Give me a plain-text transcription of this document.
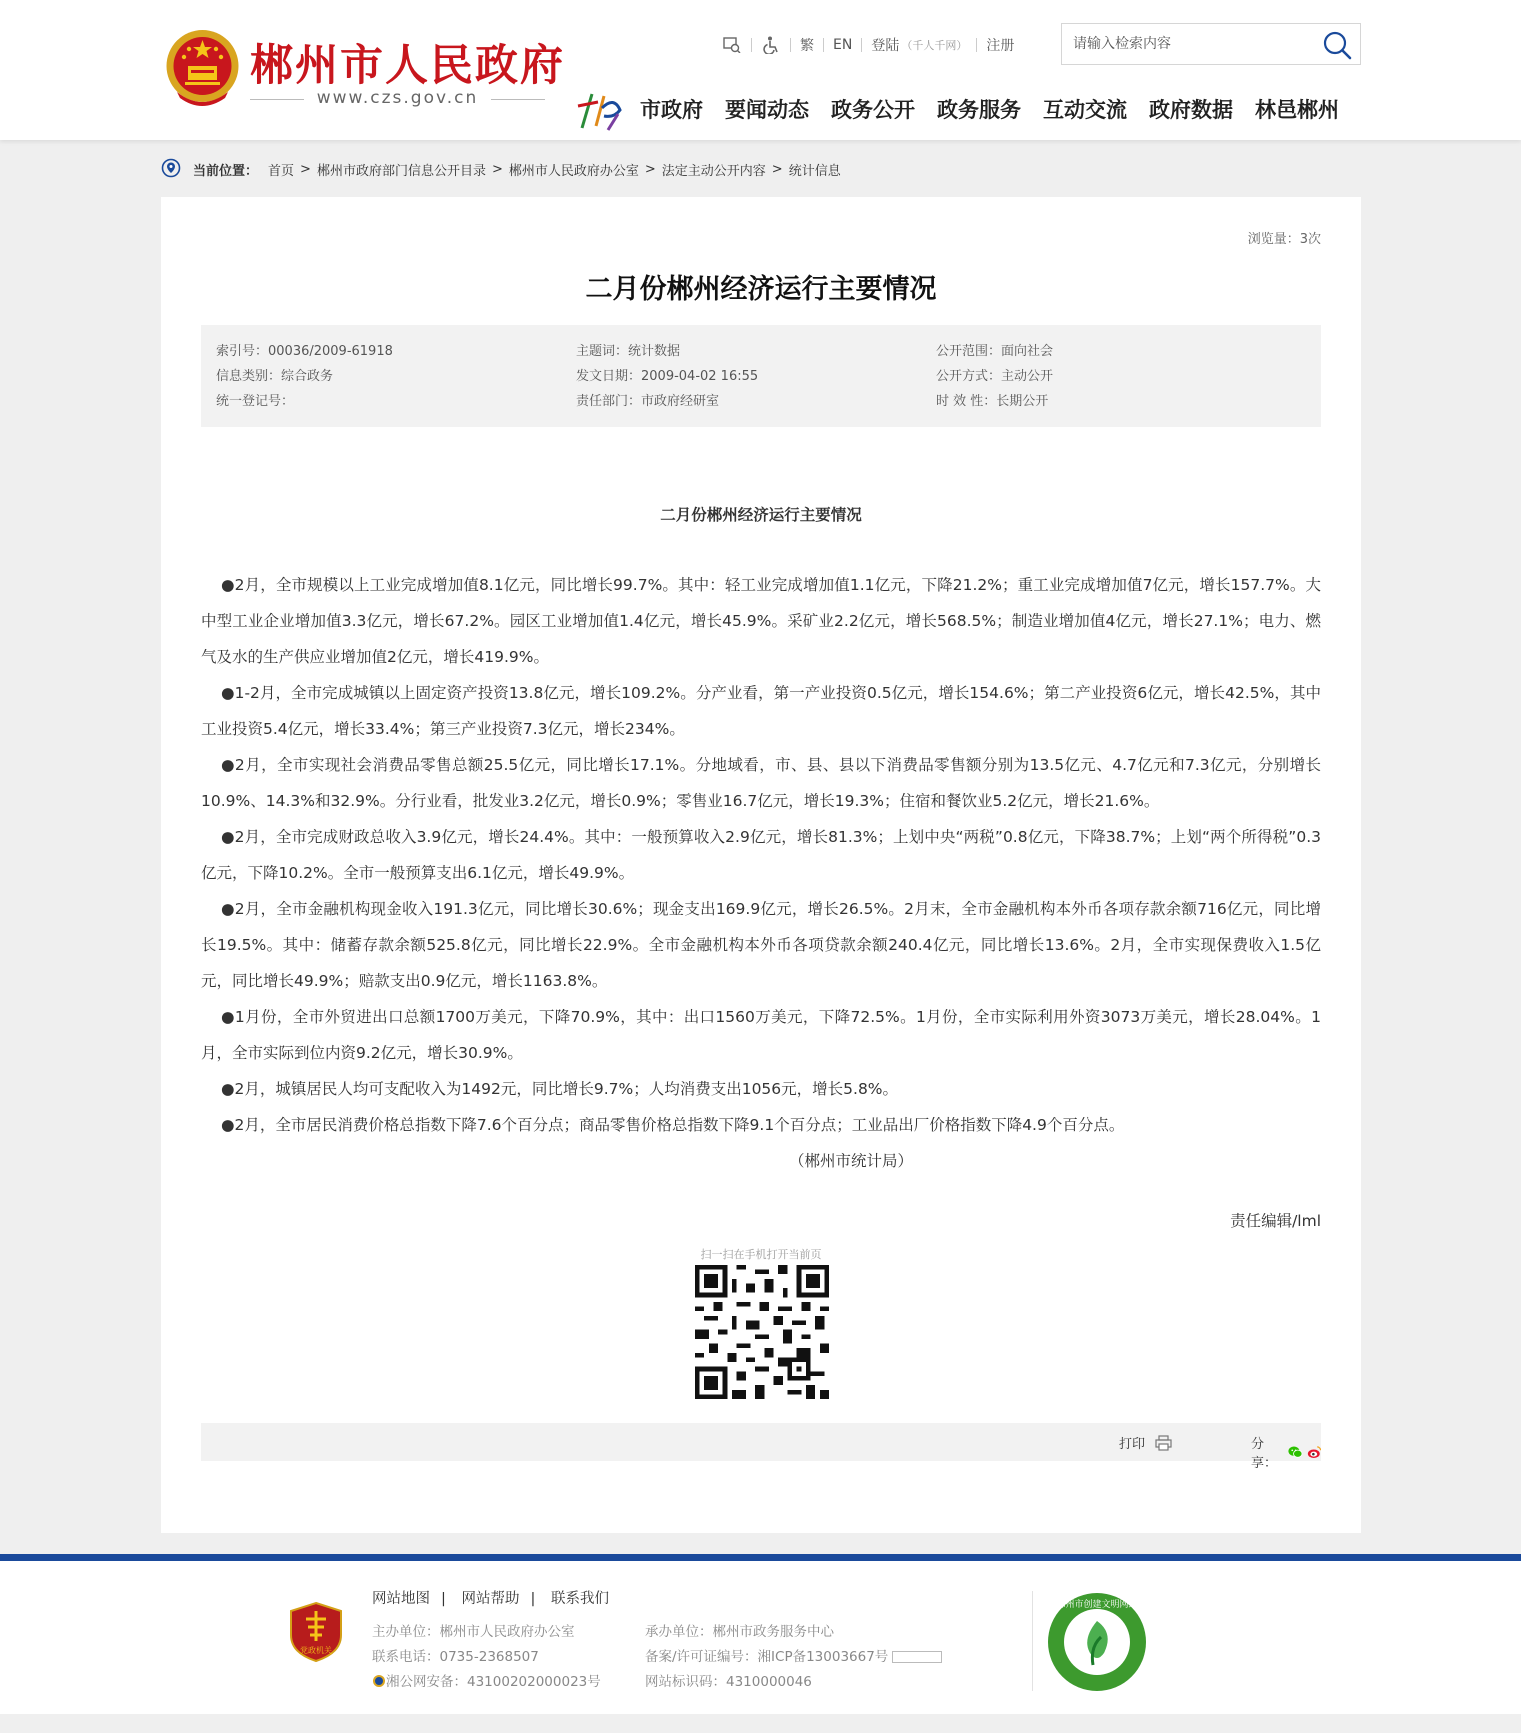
郴州市人民政府
www.czs.gov.cn
繁 EN 登陆 （千人千网） 注册
请输入检索内容
市政府 要闻动态 政务公开 政务服务 互动交流 政府数据 林邑郴州
当前位置： 首页 > 郴州市政府部门信息公开目录 > 郴州市人民政府办公室 > 法定主动公开内容 > 统计信息
浏览量：3次
二月份郴州经济运行主要情况
索引号：00036/2009-61918
信息类别：综合政务
统一登记号：
主题词：统计数据
发文日期：2009-04-02 16:55
责任部门：市政府经研室
公开范围：面向社会
公开方式：主动公开
时 效 性：长期公开
二月份郴州经济运行主要情况

●2月，全市规模以上工业完成增加值8.1亿元，同比增长99.7%。其中：轻工业完成增加值1.1亿元，下降21.2%；重工业完成增加值7亿元，增长157.7%。大中型工业企业增加值3.3亿元，增长67.2%。园区工业增加值1.4亿元，增长45.9%。采矿业2.2亿元，增长568.5%；制造业增加值4亿元，增长27.1%；电力、燃气及水的生产供应业增加值2亿元，增长419.9%。

●1-2月，全市完成城镇以上固定资产投资13.8亿元，增长109.2%。分产业看，第一产业投资0.5亿元，增长154.6%；第二产业投资6亿元，增长42.5%，其中工业投资5.4亿元，增长33.4%；第三产业投资7.3亿元，增长234%。

●2月，全市实现社会消费品零售总额25.5亿元，同比增长17.1%。分地域看，市、县、县以下消费品零售额分别为13.5亿元、4.7亿元和7.3亿元，分别增长10.9%、14.3%和32.9%。分行业看，批发业3.2亿元，增长0.9%；零售业16.7亿元，增长19.3%；住宿和餐饮业5.2亿元，增长21.6%。

●2月，全市完成财政总收入3.9亿元，增长24.4%。其中：一般预算收入2.9亿元，增长81.3%；上划中央“两税”0.8亿元，下降38.7%；上划“两个所得税”0.3亿元，下降10.2%。全市一般预算支出6.1亿元，增长49.9%。

●2月，全市金融机构现金收入191.3亿元，同比增长30.6%；现金支出169.9亿元，增长26.5%。2月末，全市金融机构本外币各项存款余额716亿元，同比增长19.5%。其中：储蓄存款余额525.8亿元，同比增长22.9%。全市金融机构本外币各项贷款余额240.4亿元，同比增长13.6%。2月，全市实现保费收入1.5亿元，同比增长49.9%；赔款支出0.9亿元，增长1163.8%。

●1月份，全市外贸进出口总额1700万美元，下降70.9%，其中：出口1560万美元，下降72.5%。1月份，全市实际利用外资3073万美元，增长28.04%。1月，全市实际到位内资9.2亿元，增长30.9%。

●2月，城镇居民人均可支配收入为1492元，同比增长9.7%；人均消费支出1056元，增长5.8%。

●2月，全市居民消费价格总指数下降7.6个百分点；商品零售价格总指数下降9.1个百分点；工业品出厂价格指数下降4.9个百分点。

（郴州市统计局）

责任编辑/lml
扫一扫在手机打开当前页
打印	分享：
党政机关
网站地图 | 网站帮助 | 联系我们
主办单位：郴州市人民政府办公室
联系电话：0735-2368507
湘公网安备：43100202000023号
承办单位：郴州市政务服务中心
备案/许可证编号：湘ICP备13003667号
网站标识码：4310000046
郴州市创建文明网站
